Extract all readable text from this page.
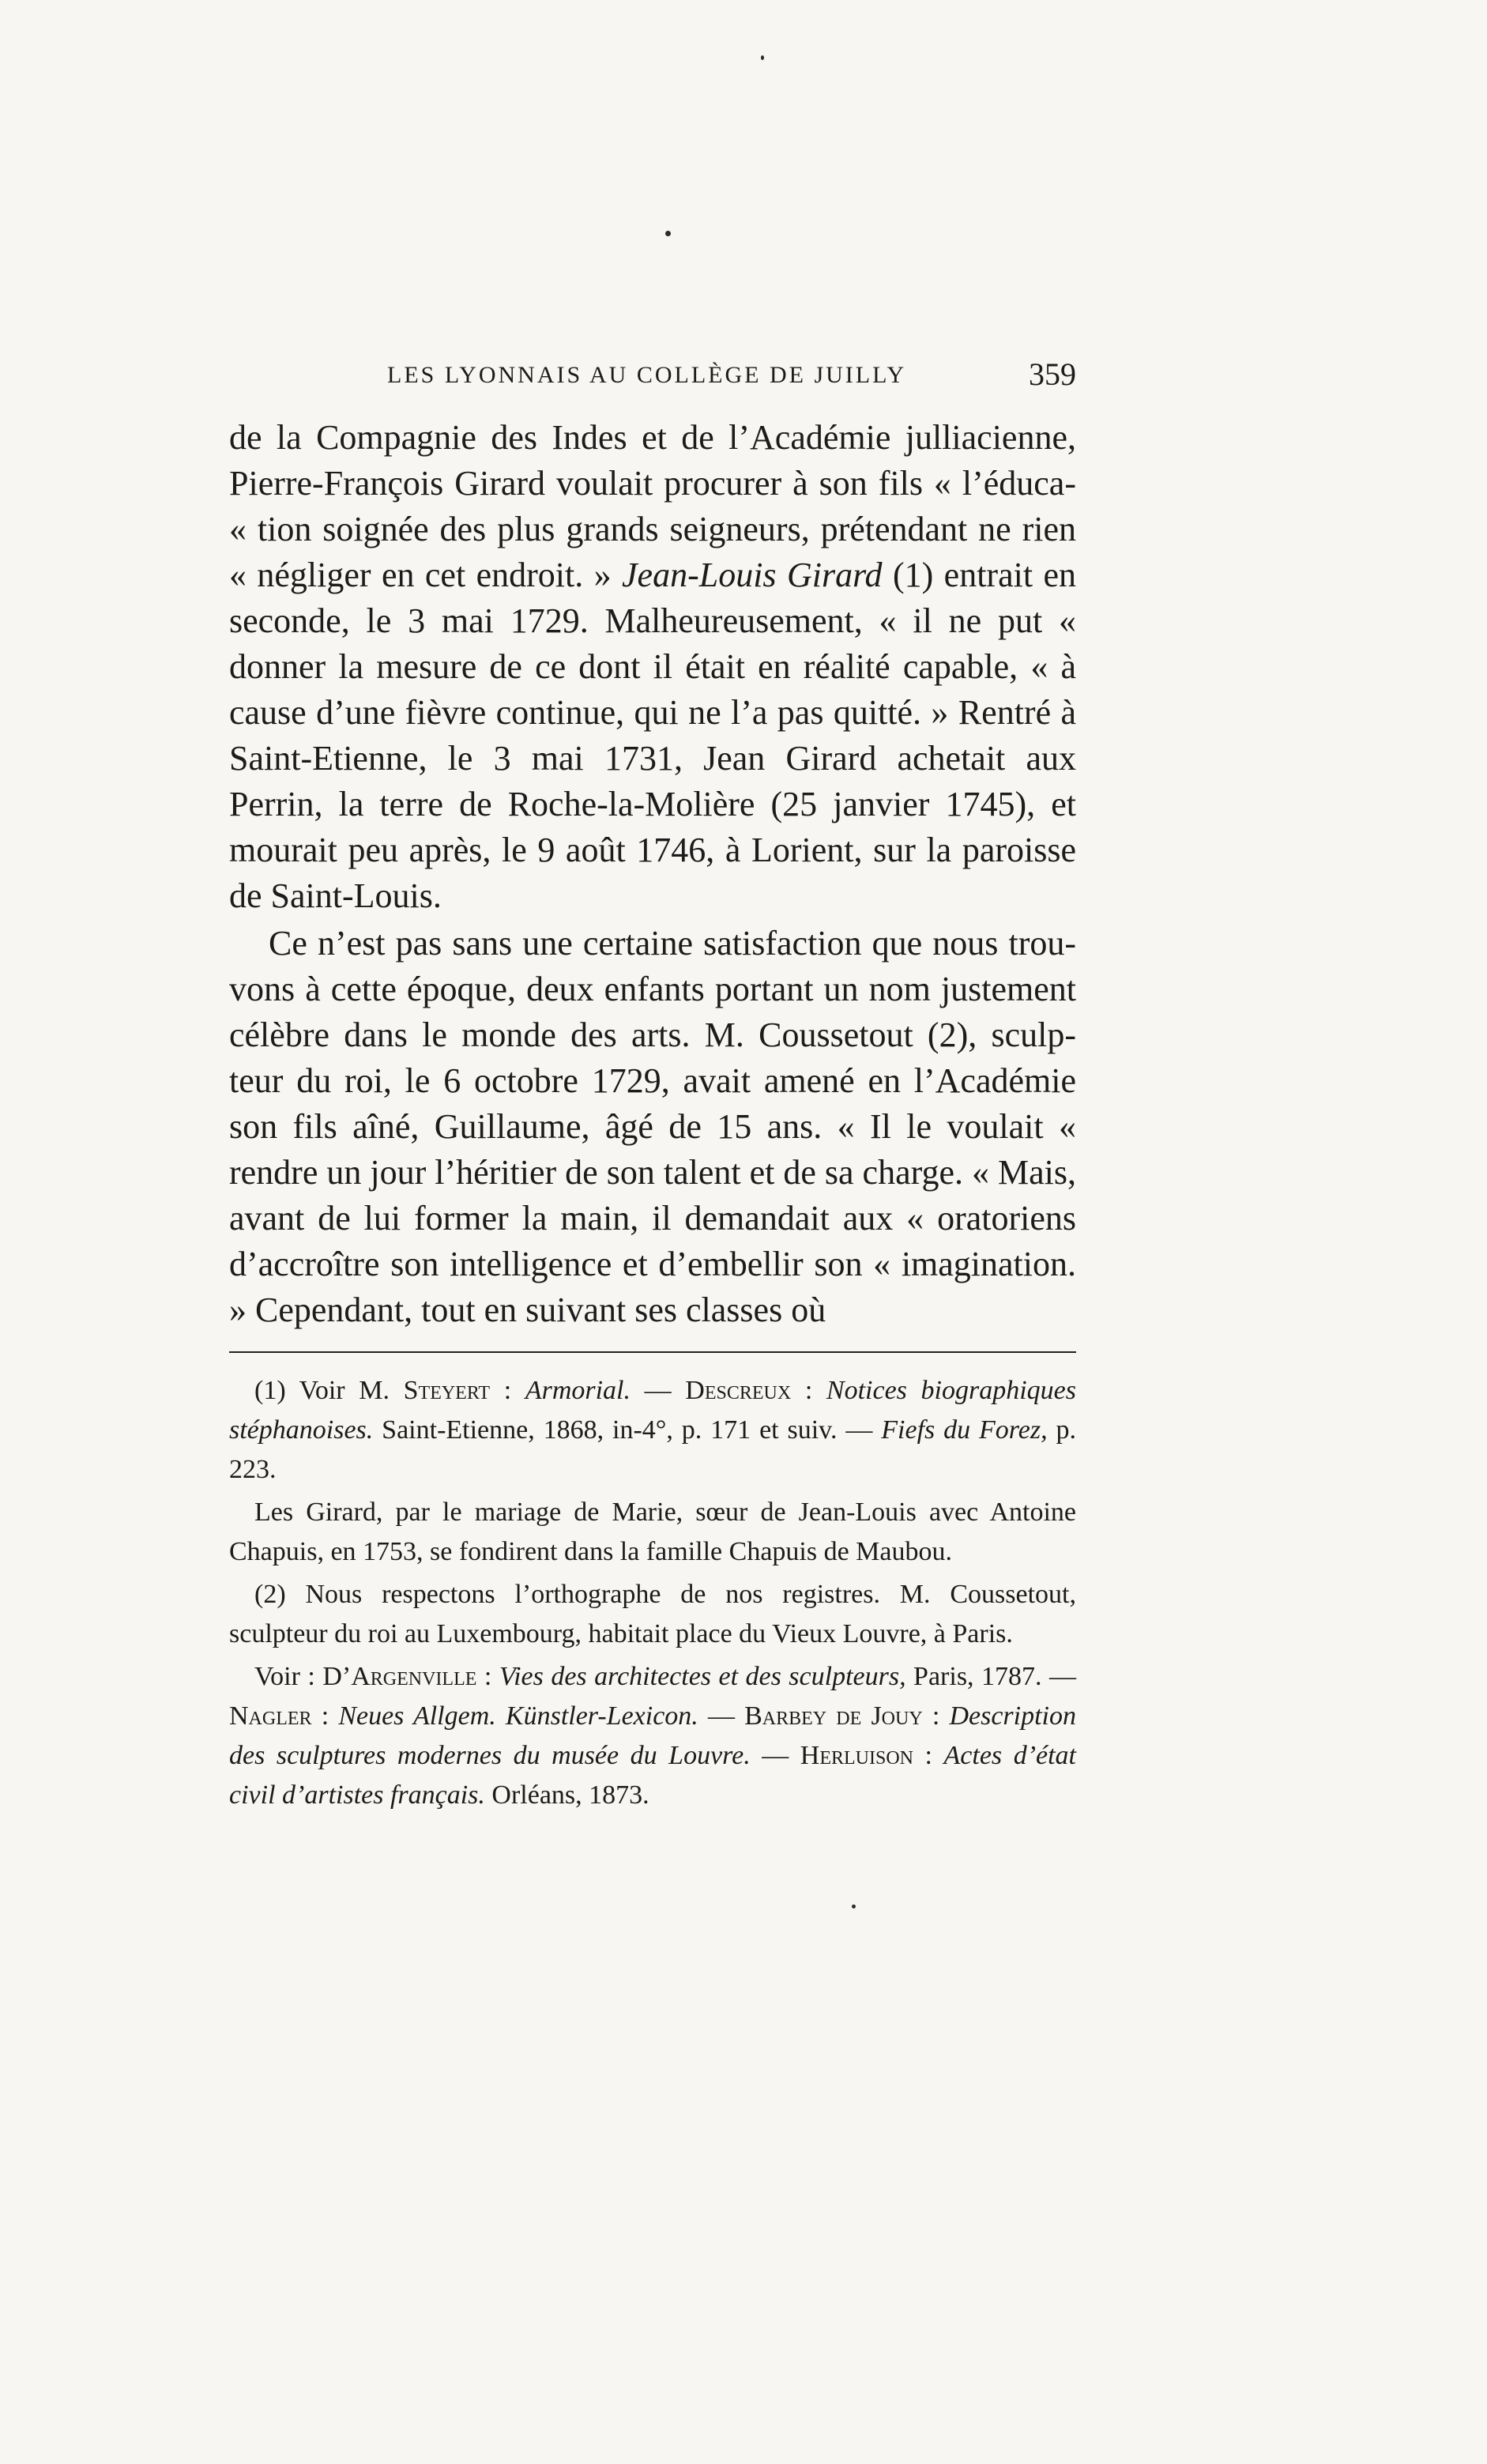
LES LYONNAIS AU COLLÈGE DE JUILLY	359

de la Compagnie des Indes et de l’Académie julliacienne, Pierre-François Girard voulait procurer à son fils « l’éduca- « tion soignée des plus grands seigneurs, prétendant ne rien « négliger en cet endroit. » Jean-Louis Girard (1) entrait en seconde, le 3 mai 1729. Malheureusement, « il ne put « donner la mesure de ce dont il était en réalité capable, « à cause d’une fièvre continue, qui ne l’a pas quitté. » Rentré à Saint-Etienne, le 3 mai 1731, Jean Girard achetait aux Perrin, la terre de Roche-la-Molière (25 janvier 1745), et mourait peu après, le 9 août 1746, à Lorient, sur la paroisse de Saint-Louis.

Ce n’est pas sans une certaine satisfaction que nous trou- vons à cette époque, deux enfants portant un nom justement célèbre dans le monde des arts. M. Coussetout (2), sculp- teur du roi, le 6 octobre 1729, avait amené en l’Académie son fils aîné, Guillaume, âgé de 15 ans. « Il le voulait « rendre un jour l’héritier de son talent et de sa charge. « Mais, avant de lui former la main, il demandait aux « oratoriens d’accroître son intelligence et d’embellir son « imagination. » Cependant, tout en suivant ses classes où

(1) Voir M. Steyert : Armorial. — Descreux : Notices biographiques stéphanoises. Saint-Etienne, 1868, in-4°, p. 171 et suiv. — Fiefs du Forez, p. 223.

Les Girard, par le mariage de Marie, sœur de Jean-Louis avec Antoine Chapuis, en 1753, se fondirent dans la famille Chapuis de Maubou.

(2) Nous respectons l’orthographe de nos registres. M. Coussetout, sculpteur du roi au Luxembourg, habitait place du Vieux Louvre, à Paris.

Voir : D’Argenville : Vies des architectes et des sculpteurs, Paris, 1787. — Nagler : Neues Allgem. Künstler-Lexicon. — Barbey de Jouy : Description des sculptures modernes du musée du Louvre. — Herluison : Actes d’état civil d’artistes français. Orléans, 1873.
